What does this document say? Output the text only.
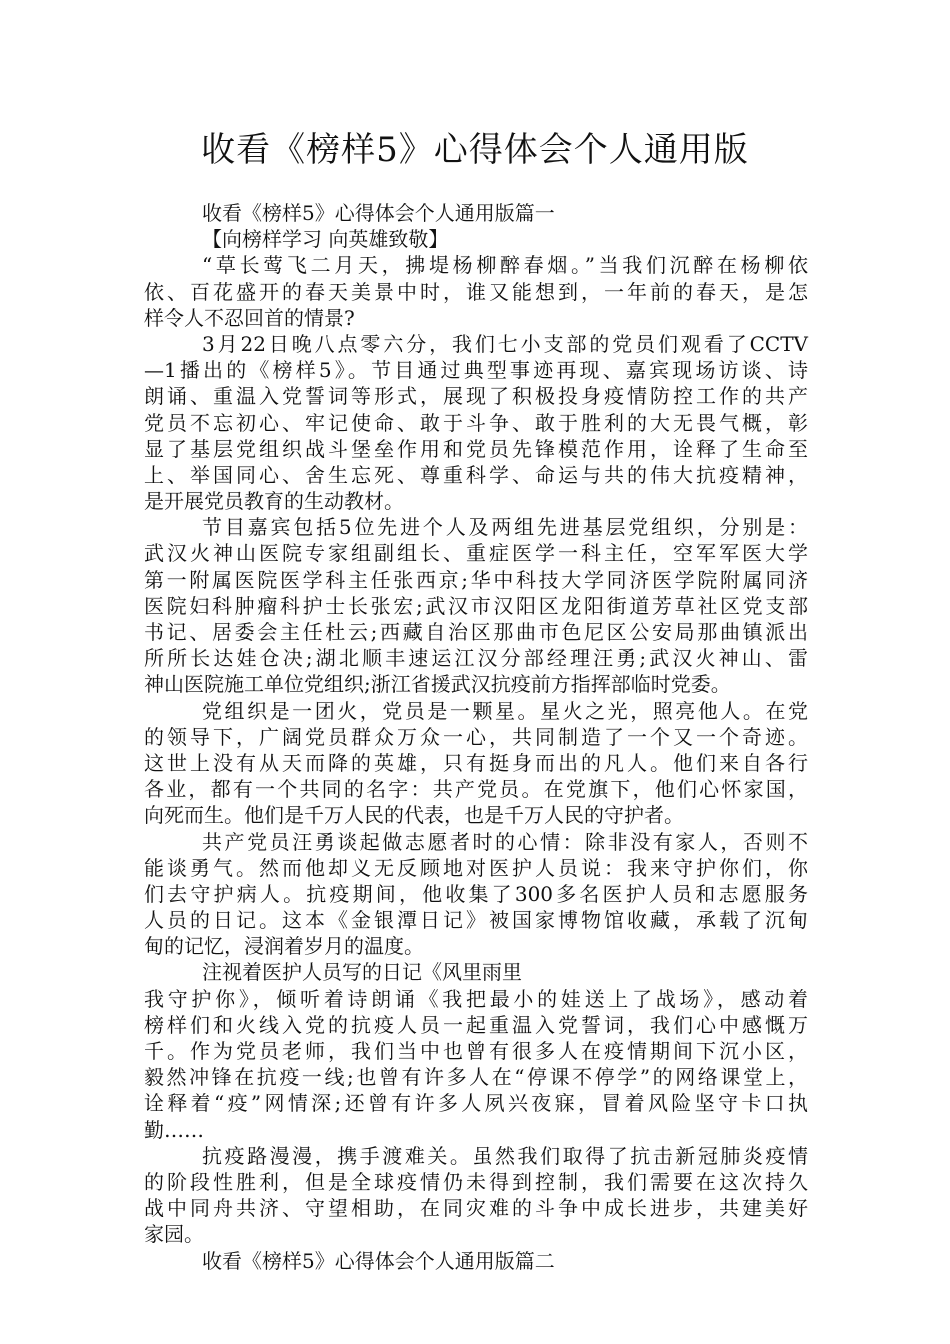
收看《榜样5》心得体会个人通用版
收看《榜样5》心得体会个人通用版篇一
【向榜样学习 向英雄致敬】
“草长莺飞二月天，拂堤杨柳醉春烟。”当我们沉醉在杨柳依
依、百花盛开的春天美景中时，谁又能想到，一年前的春天，是怎
样令人不忍回首的情景?
3月22日晚八点零六分，我们七小支部的党员们观看了CCTV
—1播出的《榜样5》。节目通过典型事迹再现、嘉宾现场访谈、诗
朗诵、重温入党誓词等形式，展现了积极投身疫情防控工作的共产
党员不忘初心、牢记使命、敢于斗争、敢于胜利的大无畏气概，彰
显了基层党组织战斗堡垒作用和党员先锋模范作用，诠释了生命至
上、举国同心、舍生忘死、尊重科学、命运与共的伟大抗疫精神，
是开展党员教育的生动教材。
节目嘉宾包括5位先进个人及两组先进基层党组织，分别是：
武汉火神山医院专家组副组长、重症医学一科主任，空军军医大学
第一附属医院医学科主任张西京;华中科技大学同济医学院附属同济
医院妇科肿瘤科护士长张宏;武汉市汉阳区龙阳街道芳草社区党支部
书记、居委会主任杜云;西藏自治区那曲市色尼区公安局那曲镇派出
所所长达娃仓决;湖北顺丰速运江汉分部经理汪勇;武汉火神山、雷
神山医院施工单位党组织;浙江省援武汉抗疫前方指挥部临时党委。
党组织是一团火，党员是一颗星。星火之光，照亮他人。在党
的领导下，广阔党员群众万众一心，共同制造了一个又一个奇迹。
这世上没有从天而降的英雄，只有挺身而出的凡人。他们来自各行
各业，都有一个共同的名字：共产党员。在党旗下，他们心怀家国，
向死而生。他们是千万人民的代表，也是千万人民的守护者。
共产党员汪勇谈起做志愿者时的心情：除非没有家人，否则不
能谈勇气。然而他却义无反顾地对医护人员说：我来守护你们，你
们去守护病人。抗疫期间，他收集了300多名医护人员和志愿服务
人员的日记。这本《金银潭日记》被国家博物馆收藏，承载了沉甸
甸的记忆，浸润着岁月的温度。
注视着医护人员写的日记《风里雨里
我守护你》，倾听着诗朗诵《我把最小的娃送上了战场》，感动着
榜样们和火线入党的抗疫人员一起重温入党誓词，我们心中感慨万
千。作为党员老师，我们当中也曾有很多人在疫情期间下沉小区，
毅然冲锋在抗疫一线;也曾有许多人在“停课不停学”的网络课堂上，
诠释着“疫”网情深;还曾有许多人夙兴夜寐，冒着风险坚守卡口执
勤……
抗疫路漫漫，携手渡难关。虽然我们取得了抗击新冠肺炎疫情
的阶段性胜利，但是全球疫情仍未得到控制，我们需要在这次持久
战中同舟共济、守望相助，在同灾难的斗争中成长进步，共建美好
家园。
收看《榜样5》心得体会个人通用版篇二
